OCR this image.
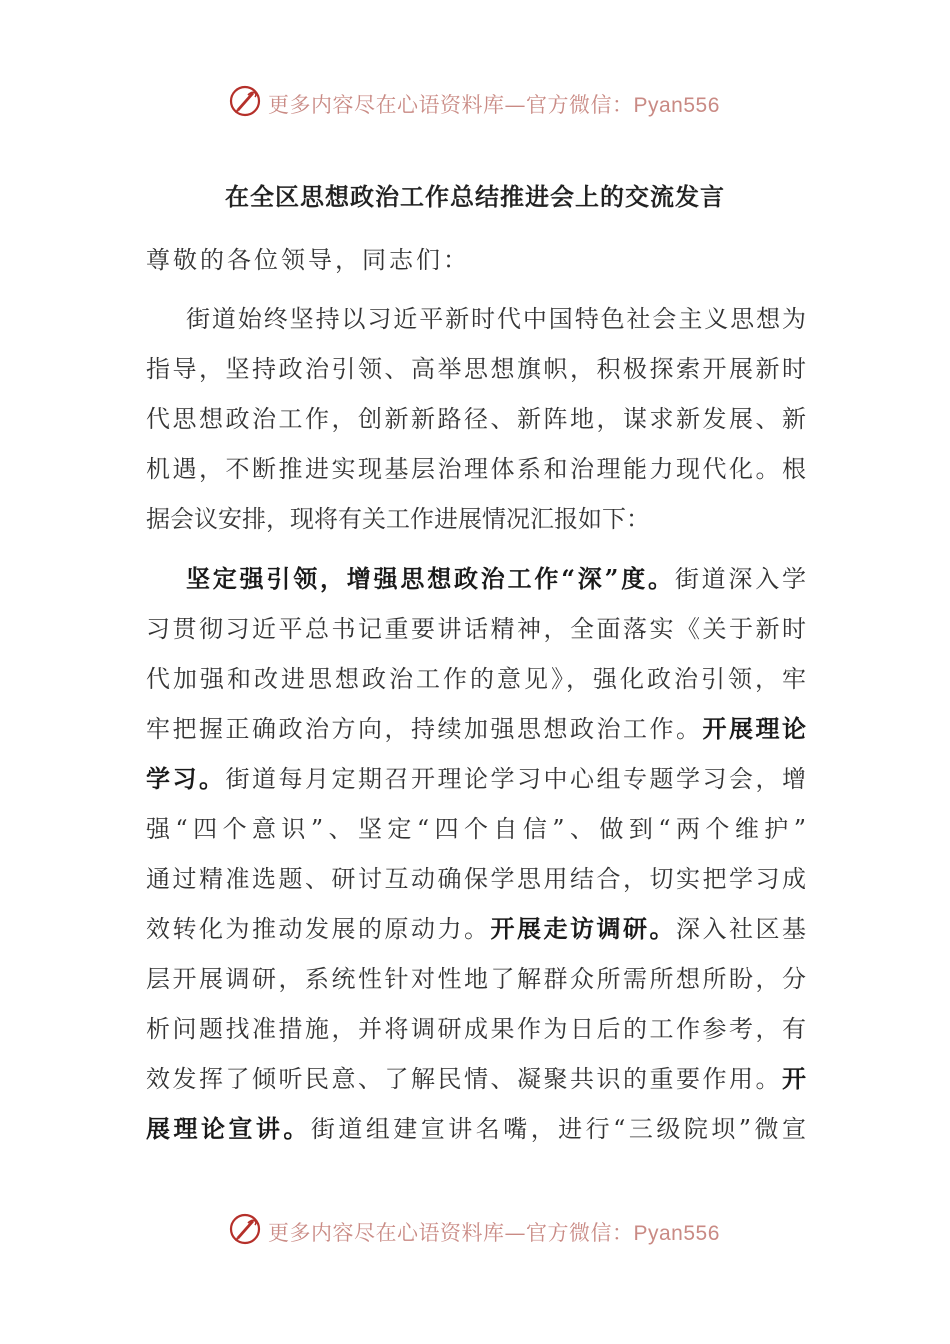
更多内容尽在心语资料库—官方微信：Pyan556
在全区思想政治工作总结推进会上的交流发言
尊敬的各位领导，同志们：
街道始终坚持以习近平新时代中国特色社会主义思想为
指导，坚持政治引领、高举思想旗帜，积极探索开展新时
代思想政治工作，创新新路径、新阵地，谋求新发展、新
机遇，不断推进实现基层治理体系和治理能力现代化。根
据会议安排，现将有关工作进展情况汇报如下：
坚定强引领，增强思想政治工作“深”度。街道深入学
习贯彻习近平总书记重要讲话精神，全面落实《关于新时
代加强和改进思想政治工作的意见》，强化政治引领，牢
牢把握正确政治方向，持续加强思想政治工作。开展理论
学习。街道每月定期召开理论学习中心组专题学习会，增
强“四个意识”、坚定“四个自信”、做到“两个维护”
通过精准选题、研讨互动确保学思用结合，切实把学习成
效转化为推动发展的原动力。开展走访调研。深入社区基
层开展调研，系统性针对性地了解群众所需所想所盼，分
析问题找准措施，并将调研成果作为日后的工作参考，有
效发挥了倾听民意、了解民情、凝聚共识的重要作用。开
展理论宣讲。街道组建宣讲名嘴，进行“三级院坝”微宣
更多内容尽在心语资料库—官方微信：Pyan556
